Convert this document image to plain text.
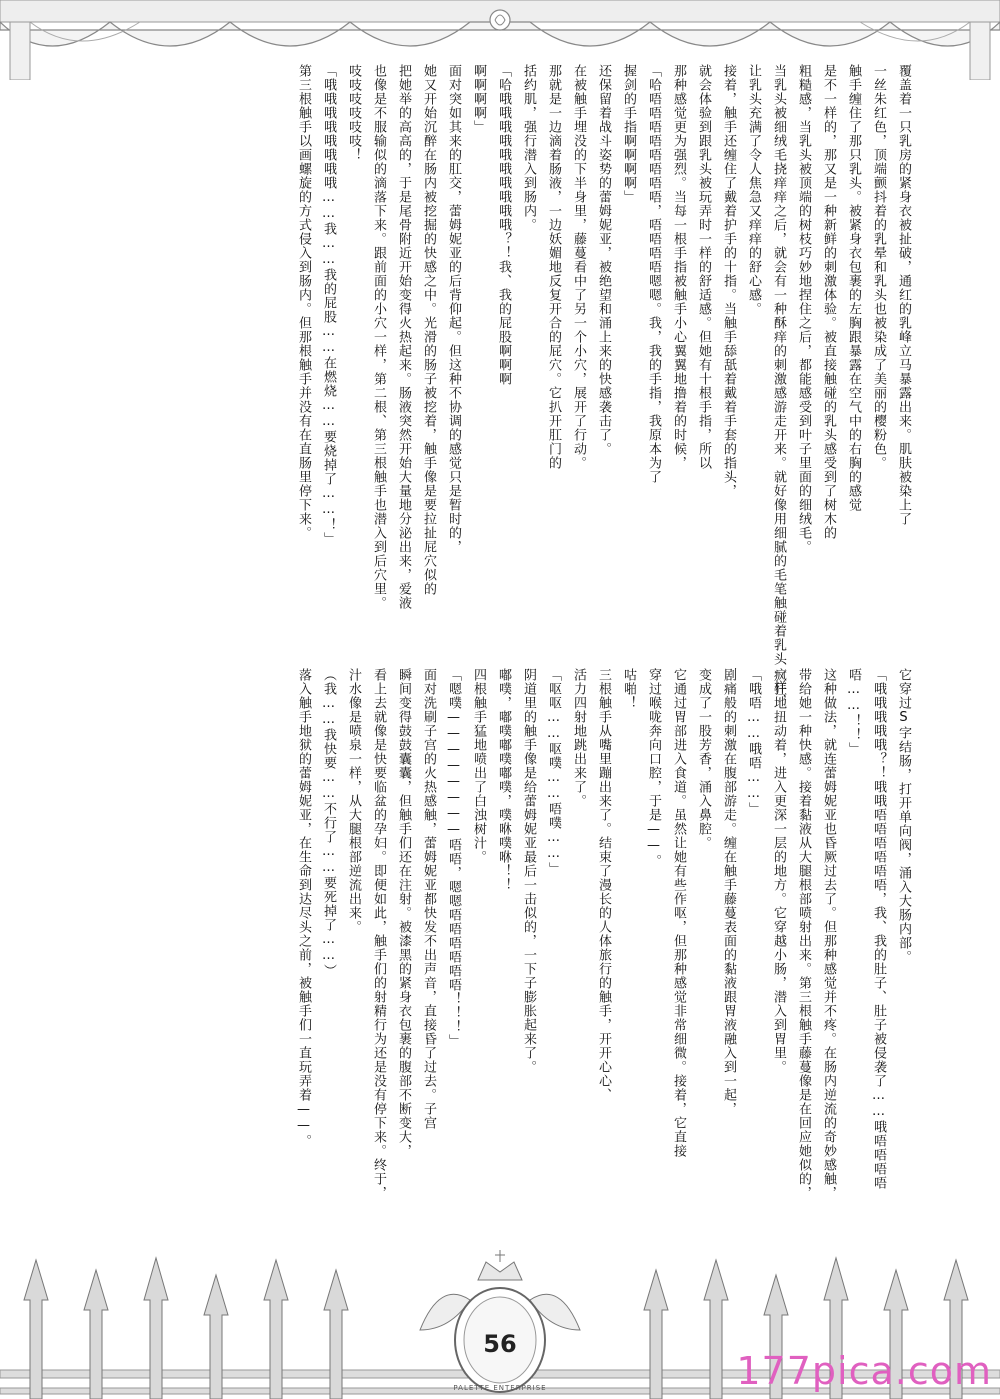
覆盖着一只乳房的紧身衣被扯破，通红的乳峰立马暴露出来。肌肤被染上了
一丝朱红色，顶端颤抖着的乳晕和乳头也被染成了美丽的樱粉色。
触手缠住了那只乳头。被紧身衣包裹的左胸跟暴露在空气中的右胸的感觉
是不一样的，那又是一种新鲜的刺激体验。被直接触碰的乳头感受到了树木的
粗糙感，当乳头被顶端的树枝巧妙地捏住之后，都能感受到叶子里面的细绒毛。
当乳头被细绒毛挠痒痒之后，就会有一种酥痒的刺激感游走开来。就好像用细腻的毛笔触碰着乳头一样，
让乳头充满了令人焦急又痒痒的舒心感。
接着，触手还缠住了戴着护手的十指。当触手舔舐着戴着手套的指头，
就会体验到跟乳头被玩弄时一样的舒适感。但她有十根手指，所以
那种感觉更为强烈。当每一根手指被触手小心翼翼地撸着的时候，
「哈唔唔唔唔唔唔唔唔，唔唔唔唔嗯嗯。我，我的手指，我原本为了
握剑的手指啊啊啊啊」
还保留着战斗姿势的蕾姆妮亚，被绝望和涌上来的快感袭击了。
在被触手埋没的下半身里，藤蔓看中了另一个小穴，展开了行动。
那就是一边滴着肠液，一边妖媚地反复开合的屁穴。它扒开肛门的
括约肌，强行潜入到肠内。
「哈哦哦哦哦哦哦哦哦哦哦？！我、我的屁股啊啊啊
啊啊啊啊」
面对突如其来的肛交，蕾姆妮亚的后背仰起。但这种不协调的感觉只是暂时的，
她又开始沉醉在肠内被挖掘的快感之中。光滑的肠子被挖着，触手像是要拉扯屁穴似的
把她举的高高的，于是尾骨附近开始变得火热起来。肠液突然开始大量地分泌出来，爱液
也像是不服输似的滴落下来。跟前面的小穴一样，第二根、第三根触手也潜入到后穴里。
吱吱吱吱吱吱！
「哦哦哦哦哦哦哦哦……我……我的屁股……在燃烧……要烧掉了……！」
第三根触手以画螺旋的方式侵入到肠内。但那根触手并没有在直肠里停下来。
它穿过S字结肠，打开单向阀，涌入大肠内部。
「哦哦哦哦哦？！哦哦唔唔唔唔唔唔，我、我的肚子、肚子被侵袭了……哦唔唔唔唔
唔……！！」
这种做法，就连蕾姆妮亚也昏厥过去了。但那种感觉并不疼。在肠内逆流的奇妙感触，
带给她一种快感。接着黏液从大腿根部喷射出来。第三根触手藤蔓像是在回应她似的，
疯狂地扭动着，进入更深一层的地方。它穿越小肠，潜入到胃里。
「哦唔……哦唔……」
剧痛般的刺激在腹部游走。缠在触手藤蔓表面的黏液跟胃液融入到一起，
变成了一股芳香，涌入鼻腔。
它通过胃部进入食道。虽然让她有些作呕，但那种感觉非常细微。接着，它直接
穿过喉咙奔向口腔，于是——。
咕啪！
三根触手从嘴里蹦出来了。结束了漫长的人体旅行的触手，开开心心、
活力四射地跳出来了。
「呕呕……呕噗……唔噗……」
阴道里的触手像是给蕾姆妮亚最后一击似的，一下子膨胀起来了。
嘟噗，嘟噗嘟噗嘟噗，噗咻噗咻！！
四根触手猛地喷出了白浊树汁。
「嗯噗————————唔唔，嗯嗯唔唔唔唔唔唔！！！」
面对洗刷子宫的火热感触，蕾姆妮亚都快发不出声音，直接昏了过去。子宫
瞬间变得鼓鼓囊囊，但触手们还在注射。被漆黑的紧身衣包裹的腹部不断变大，
看上去就像是快要临盆的孕妇。即便如此，触手们的射精行为还是没有停下来。终于，
汁水像是喷泉一样，从大腿根部逆流出来。
（我……我快要……不行了……要死掉了……）
落入触手地狱的蕾姆妮亚，在生命到达尽头之前，被触手们一直玩弄着——。
56
PALETTE ENTERPRISE	177pica.com
